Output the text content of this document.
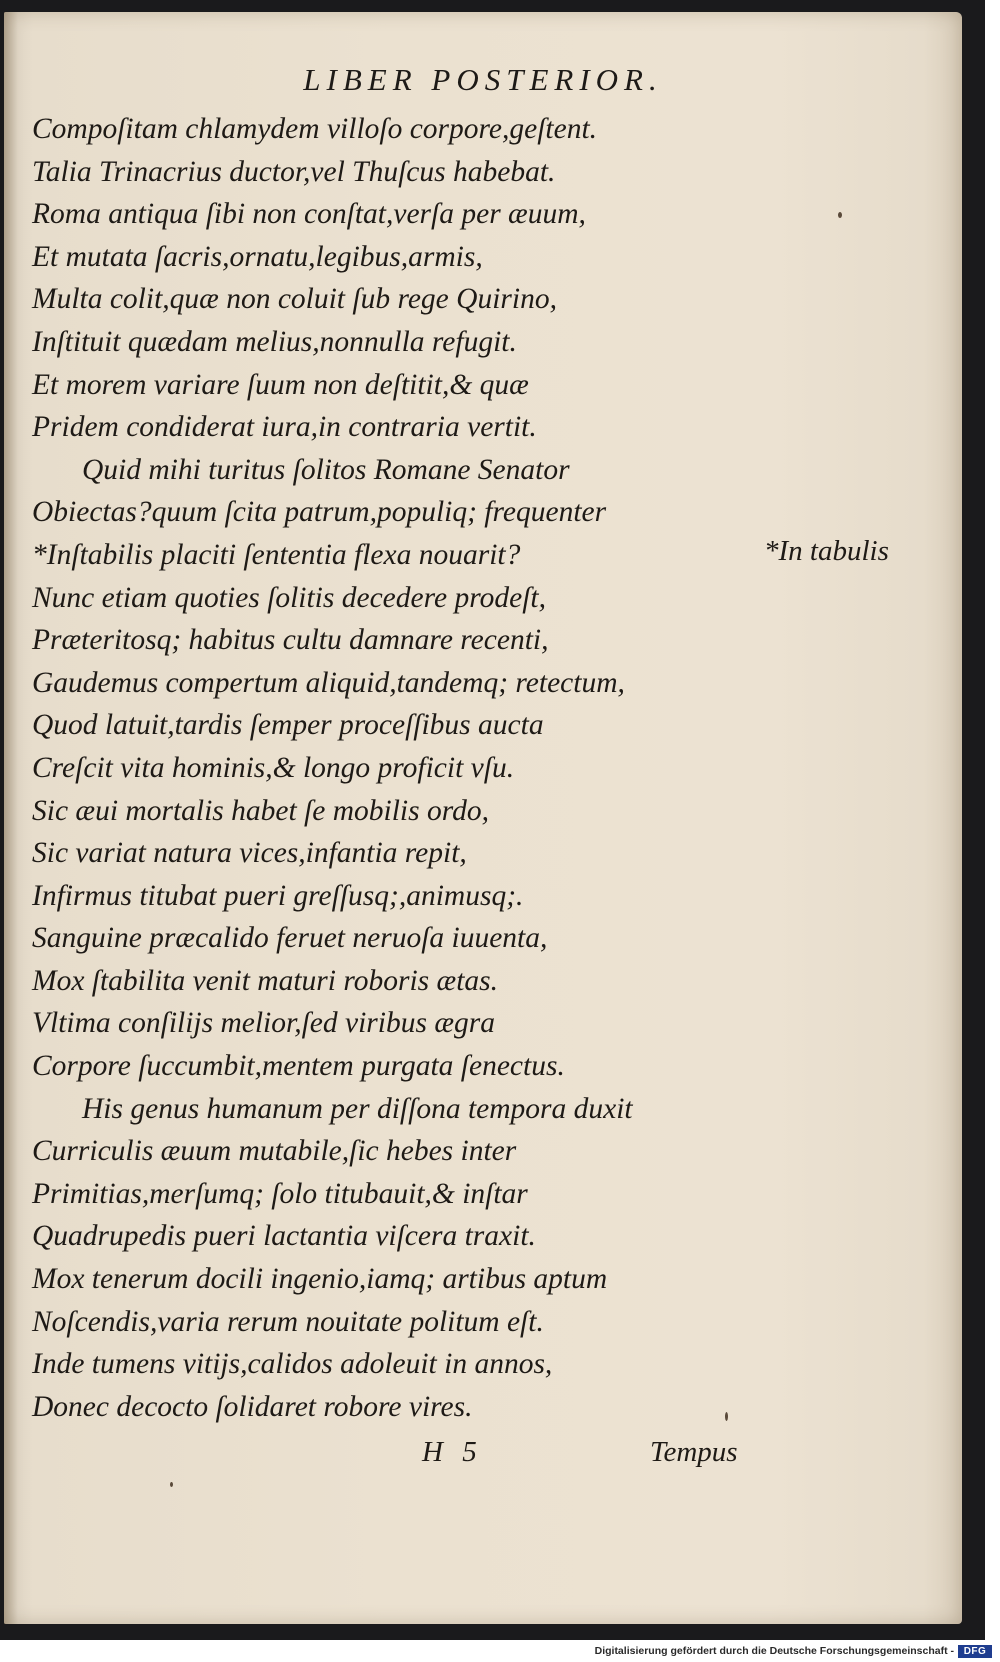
LIBER POSTERIOR.
Compoſitam chlamydem villoſo corpore,geſtent.
Talia Trinacrius ductor,vel Thuſcus habebat.
Roma antiqua ſibi non conſtat,verſa per æuum,
Et mutata ſacris,ornatu,legibus,armis,
Multa colit,quæ non coluit ſub rege Quirino,
Inſtituit quædam melius,nonnulla refugit.
Et morem variare ſuum non deſtitit,& quæ
Pridem condiderat iura,in contraria vertit.
Quid mihi turitus ſolitos Romane Senator
Obiectas?quum ſcita patrum,populiq; frequenter
*Inſtabilis placiti ſententia flexa nouarit?
Nunc etiam quoties ſolitis decedere prodeſt,
Præteritosq; habitus cultu damnare recenti,
Gaudemus compertum aliquid,tandemq; retectum,
Quod latuit,tardis ſemper proceſſibus aucta
Creſcit vita hominis,& longo proficit vſu.
Sic æui mortalis habet ſe mobilis ordo,
Sic variat natura vices,infantia repit,
Infirmus titubat pueri greſſusq;,animusq;.
Sanguine præcalido feruet neruoſa iuuenta,
Mox ſtabilita venit maturi roboris ætas.
Vltima conſilijs melior,ſed viribus ægra
Corpore ſuccumbit,mentem purgata ſenectus.
His genus humanum per diſſona tempora duxit
Curriculis æuum mutabile,ſic hebes inter
Primitias,merſumq; ſolo titubauit,& inſtar
Quadrupedis pueri lactantia viſcera traxit.
Mox tenerum docili ingenio,iamq; artibus aptum
Noſcendis,varia rerum nouitate politum eſt.
Inde tumens vitijs,calidos adoleuit in annos,
Donec decocto ſolidaret robore vires.
*In tabulis
H 5	Tempus
Digitalisierung gefördert durch die Deutsche Forschungsgemeinschaft - DFG
